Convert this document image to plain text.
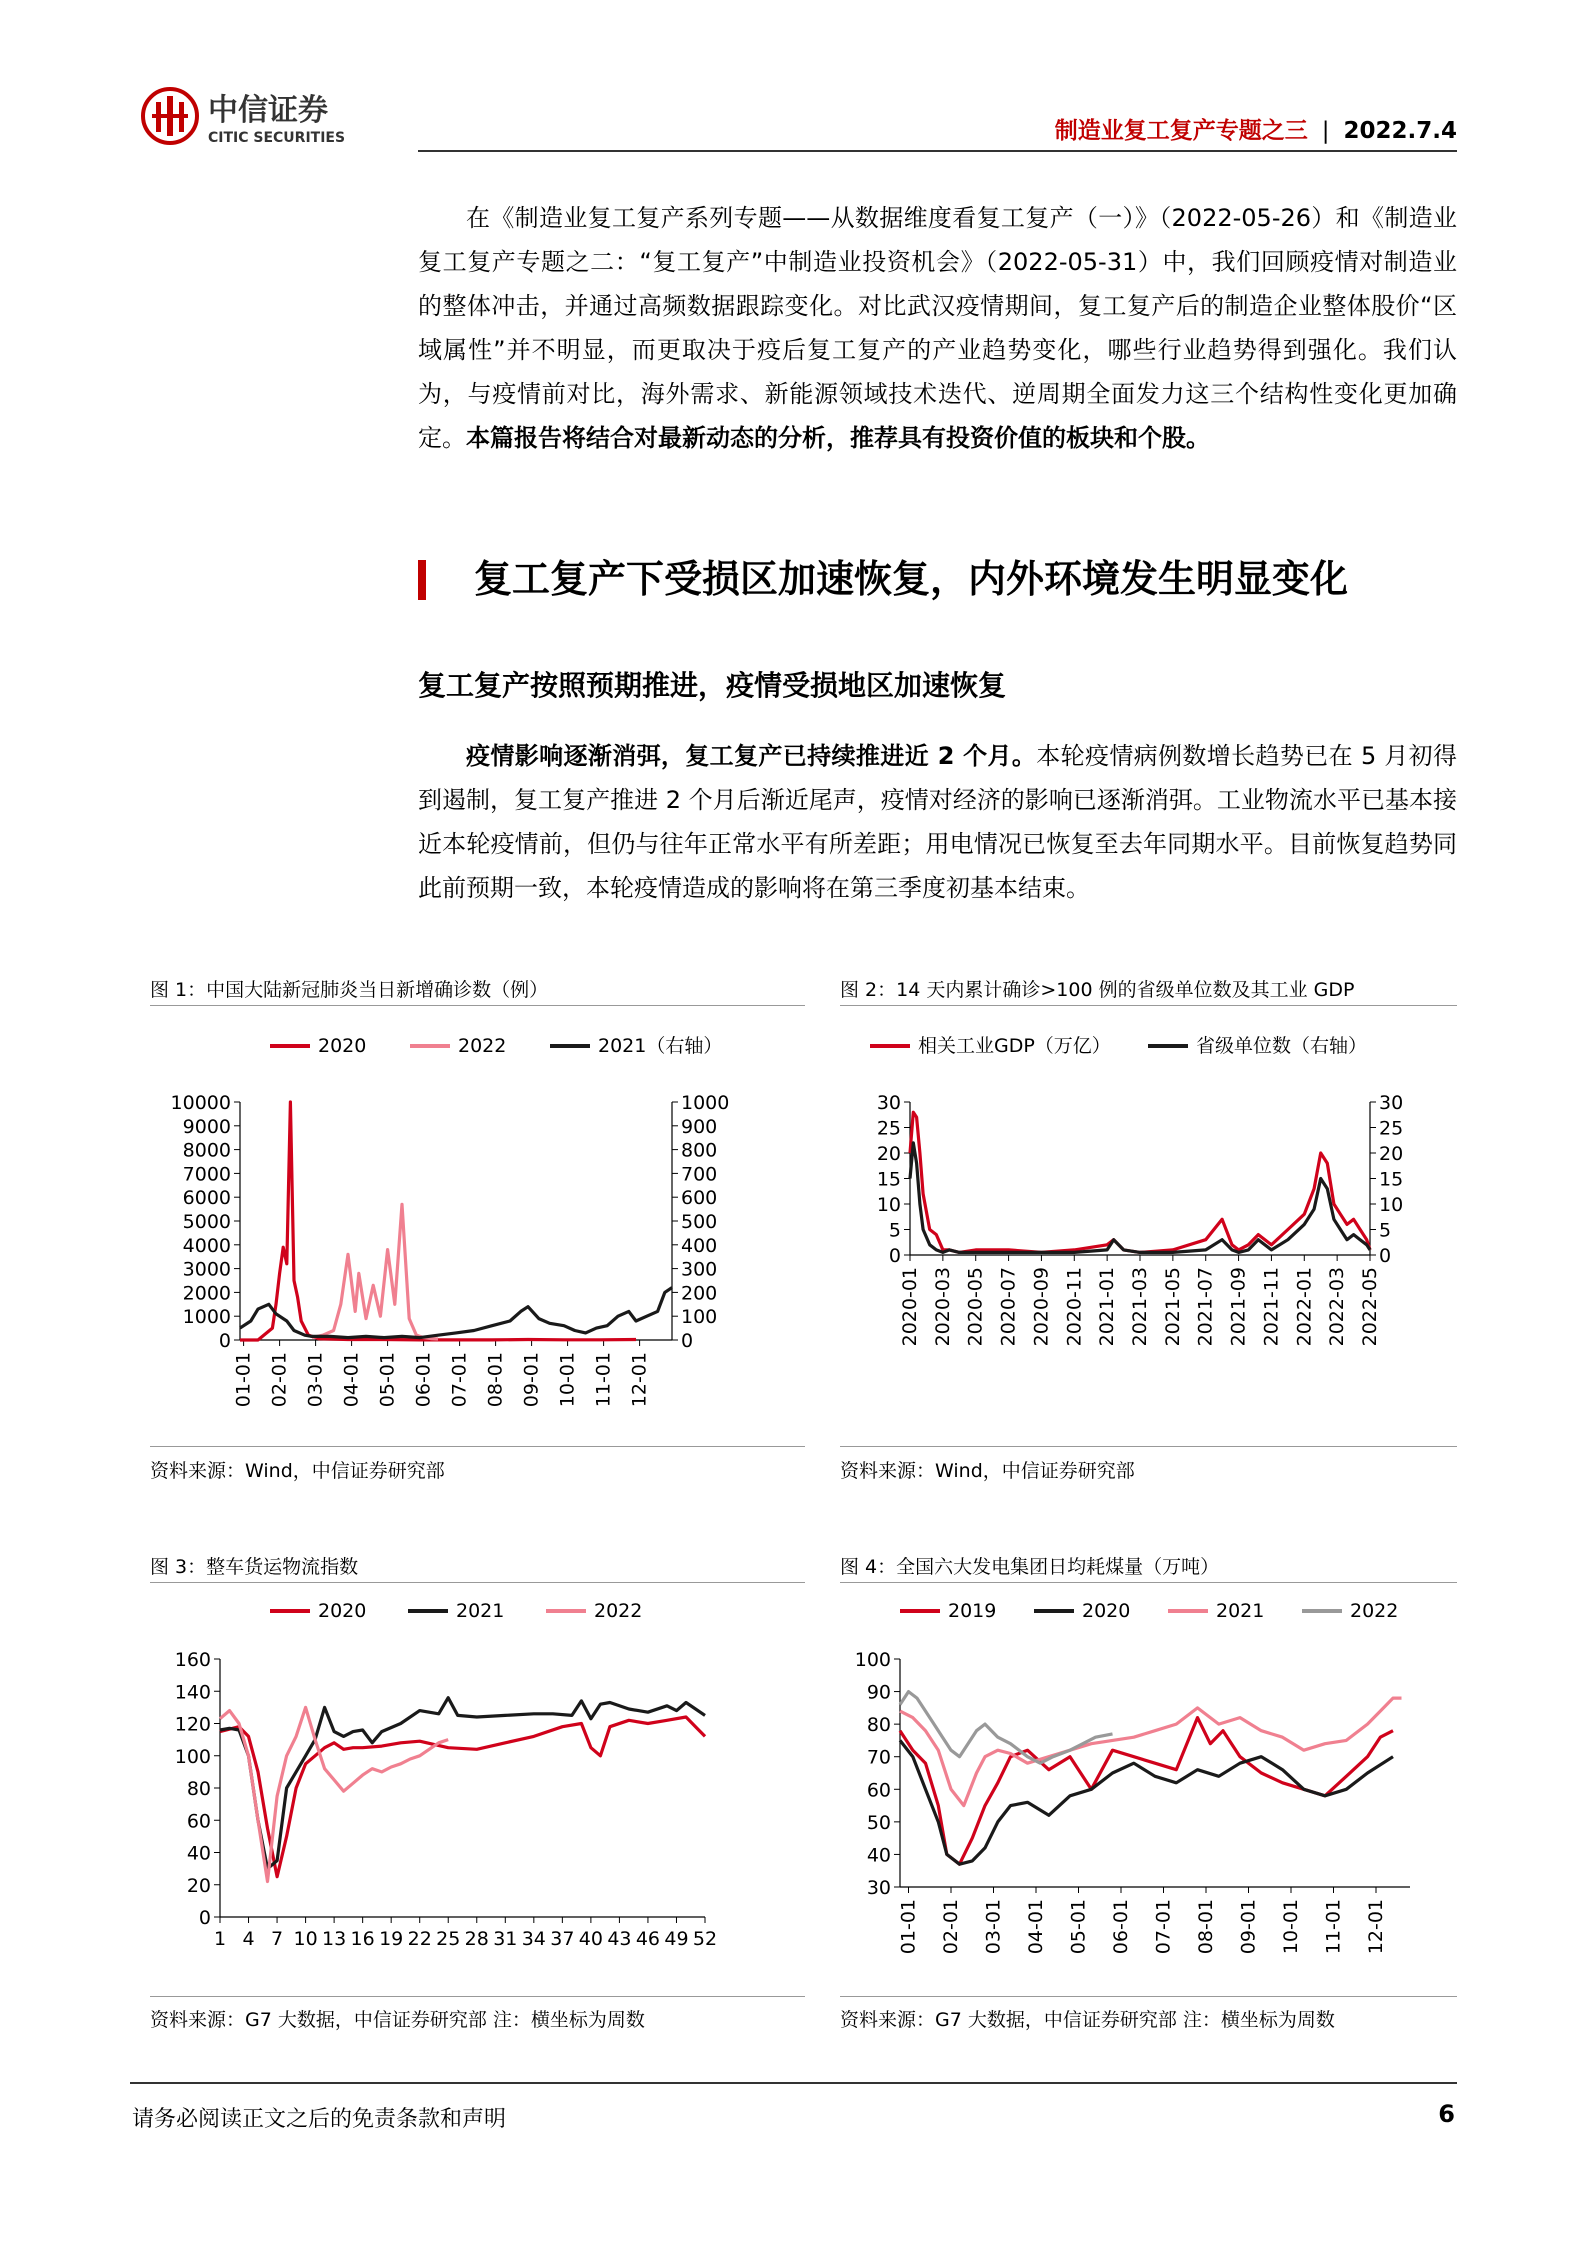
中信证券
CITIC SECURITIES	制造业复工复产专题之三 | 2022.7.4

在《制造业复工复产系列专题——从数据维度看复工复产（一）》（2022-05-26）和《制造业复工复产专题之二：“复工复产”中制造业投资机会》（2022-05-31）中，我们回顾疫情对制造业的整体冲击，并通过高频数据跟踪变化。对比武汉疫情期间，复工复产后的制造企业整体股价“区域属性”并不明显，而更取决于疫后复工复产的产业趋势变化，哪些行业趋势得到强化。我们认为，与疫情前对比，海外需求、新能源领域技术迭代、逆周期全面发力这三个结构性变化更加确定。本篇报告将结合对最新动态的分析，推荐具有投资价值的板块和个股。

复工复产下受损区加速恢复，内外环境发生明显变化
复工复产按照预期推进，疫情受损地区加速恢复

疫情影响逐渐消弭，复工复产已持续推进近 2 个月。本轮疫情病例数增长趋势已在 5 月初得到遏制，复工复产推进 2 个月后渐近尾声，疫情对经济的影响已逐渐消弭。工业物流水平已基本接近本轮疫情前，但仍与往年正常水平有所差距；用电情况已恢复至去年同期水平。目前恢复趋势同此前预期一致，本轮疫情造成的影响将在第三季度初基本结束。

图 1：中国大陆新冠肺炎当日新增确诊数（例）
2020	2022	2021（右轴）
0
1000
2000
3000
4000
5000
6000
7000
8000
9000
10000
0
100
200
300
400
500
600
700
800
900
1000
01-01 02-01 03-01 04-01 05-01 06-01 07-01 08-01 09-01 10-01 11-01 12-01
资料来源：Wind，中信证券研究部
图 2：14 天内累计确诊>100 例的省级单位数及其工业 GDP
相关工业GDP（万亿）	省级单位数（右轴）
0
5
10
15
20
25
30
0
5
10
15
20
25
30
2020-01 2020-03 2020-05 2020-07 2020-09 2020-11 2021-01 2021-03 2021-05 2021-07 2021-09 2021-11 2022-01 2022-03 2022-05
资料来源：Wind，中信证券研究部
图 3：整车货运物流指数
2020	2021	2022
0
20
40
60
80
100
120
140
160
1 4 7 10 13 16 19 22 25 28 31 34 37 40 43 46 49 52
资料来源：G7 大数据，中信证券研究部 注：横坐标为周数
图 4：全国六大发电集团日均耗煤量（万吨）
2019	2020	2021	2022
30
40
50
60
70
80
90
100
01-01 02-01 03-01 04-01 05-01 06-01 07-01 08-01 09-01 10-01 11-01 12-01
资料来源：G7 大数据，中信证券研究部 注：横坐标为周数
请务必阅读正文之后的免责条款和声明	6
